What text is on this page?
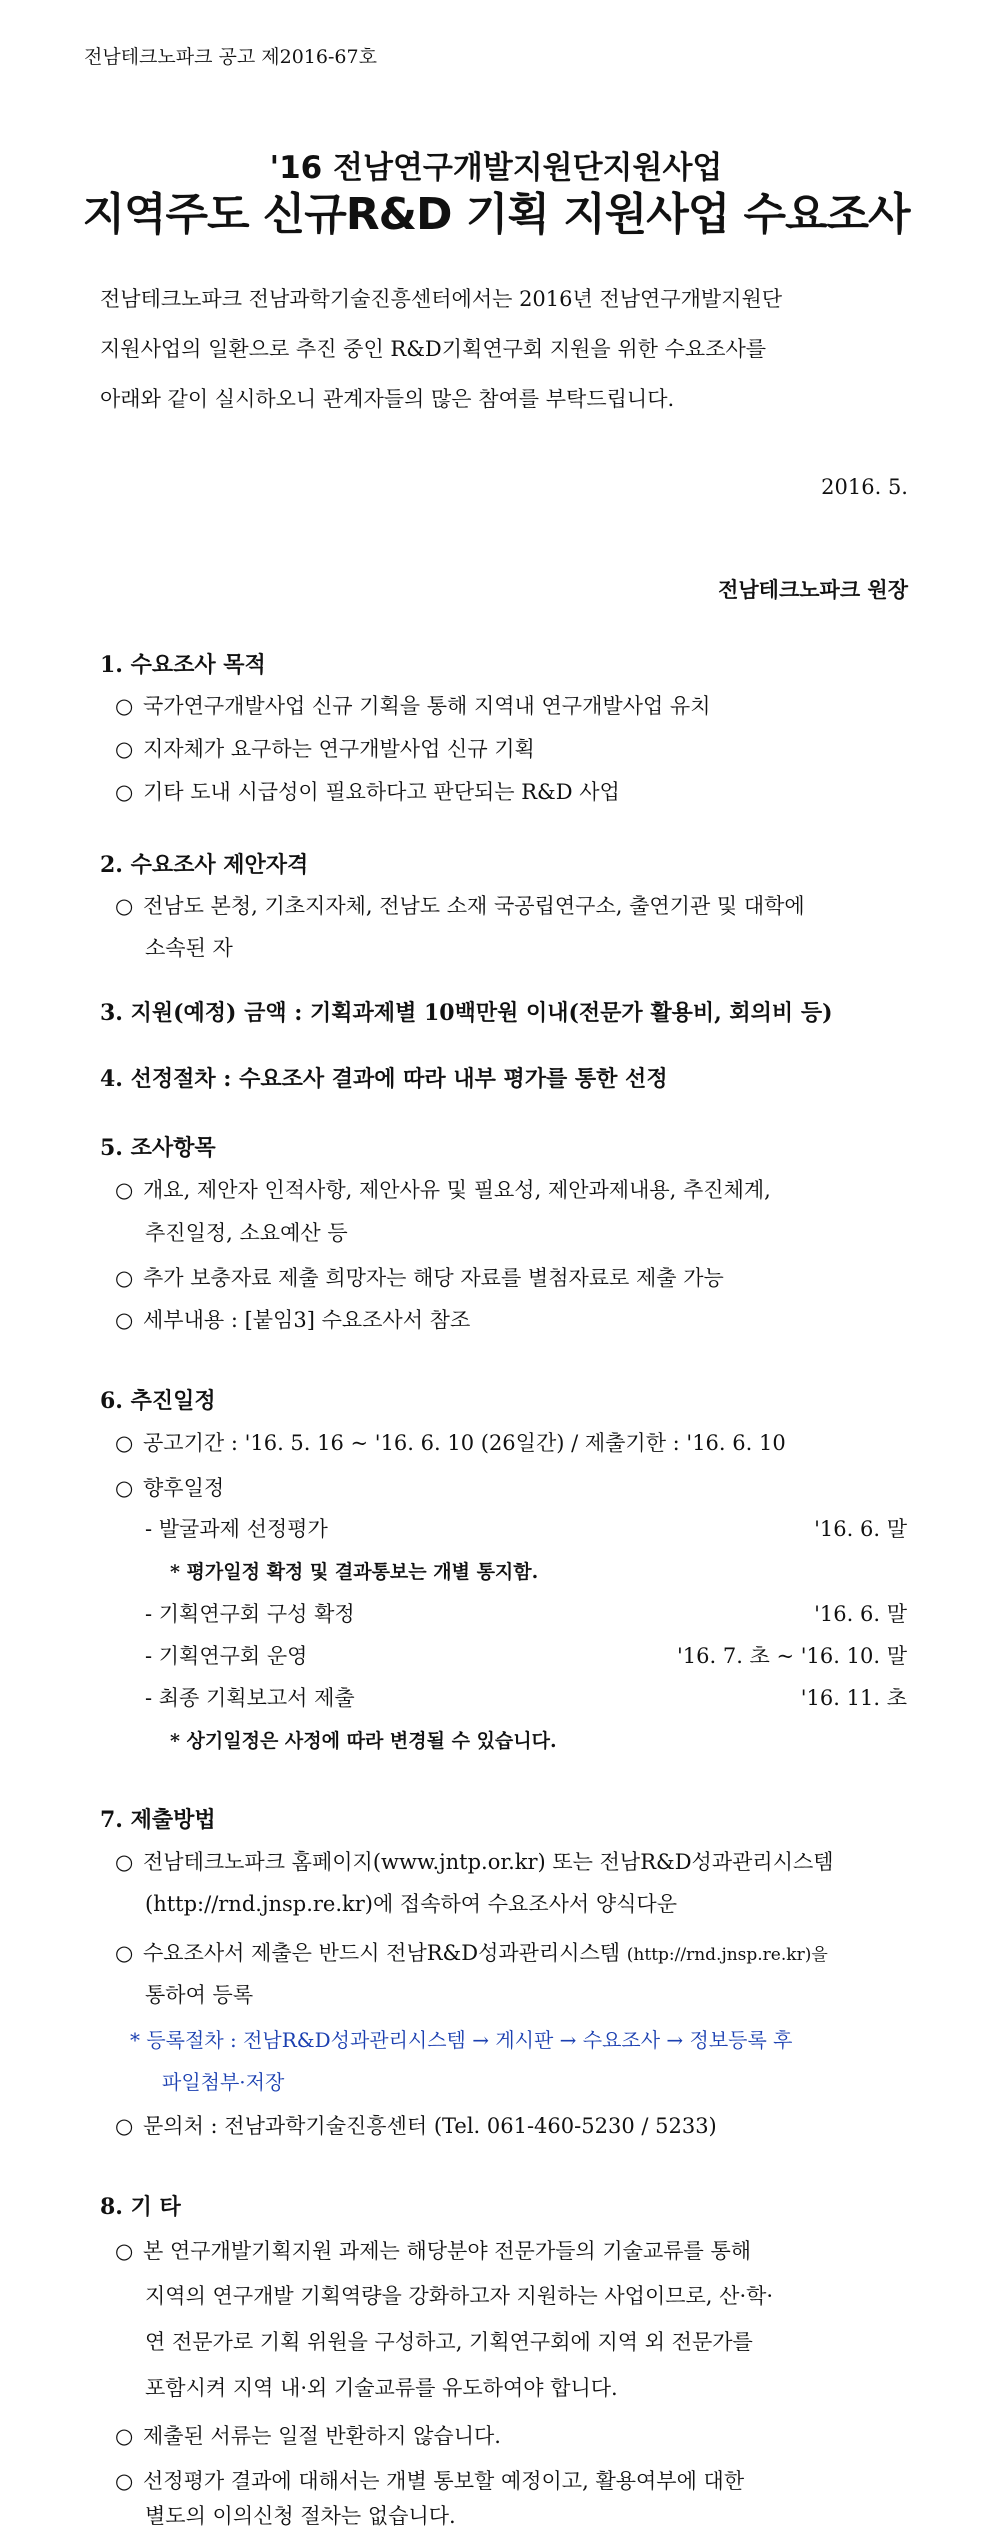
전남테크노파크 공고 제2016-67호
'16 전남연구개발지원단지원사업
지역주도 신규R&D 기획 지원사업 수요조사
전남테크노파크 전남과학기술진흥센터에서는 2016년 전남연구개발지원단
지원사업의 일환으로 추진 중인 R&D기획연구회 지원을 위한 수요조사를
아래와 같이 실시하오니 관계자들의 많은 참여를 부탁드립니다.
2016. 5.
전남테크노파크 원장
1. 수요조사 목적
○ 국가연구개발사업 신규 기획을 통해 지역내 연구개발사업 유치
○ 지자체가 요구하는 연구개발사업 신규 기획
○ 기타 도내 시급성이 필요하다고 판단되는 R&D 사업
2. 수요조사 제안자격
○ 전남도 본청, 기초지자체, 전남도 소재 국공립연구소, 출연기관 및 대학에
소속된 자
3. 지원(예정) 금액 : 기획과제별 10백만원 이내(전문가 활용비, 회의비 등)
4. 선정절차 : 수요조사 결과에 따라 내부 평가를 통한 선정
5. 조사항목
○ 개요, 제안자 인적사항, 제안사유 및 필요성, 제안과제내용, 추진체계,
추진일정, 소요예산 등
○ 추가 보충자료 제출 희망자는 해당 자료를 별첨자료로 제출 가능
○ 세부내용 : [붙임3] 수요조사서 참조
6. 추진일정
○ 공고기간 : '16. 5. 16 ~ '16. 6. 10 (26일간) / 제출기한 : '16. 6. 10
○ 향후일정
- 발굴과제 선정평가	'16. 6. 말
* 평가일정 확정 및 결과통보는 개별 통지함.
- 기획연구회 구성 확정	'16. 6. 말
- 기획연구회 운영	'16. 7. 초 ~ '16. 10. 말
- 최종 기획보고서 제출	'16. 11. 초
* 상기일정은 사정에 따라 변경될 수 있습니다.
7. 제출방법
○ 전남테크노파크 홈페이지(www.jntp.or.kr) 또는 전남R&D성과관리시스템
(http://rnd.jnsp.re.kr)에 접속하여 수요조사서 양식다운
○ 수요조사서 제출은 반드시 전남R&D성과관리시스템 (http://rnd.jnsp.re.kr)을
통하여 등록
* 등록절차 : 전남R&D성과관리시스템 → 게시판 → 수요조사 → 정보등록 후
파일첨부·저장
○ 문의처 : 전남과학기술진흥센터 (Tel. 061-460-5230 / 5233)
8. 기 타
○ 본 연구개발기획지원 과제는 해당분야 전문가들의 기술교류를 통해
지역의 연구개발 기획역량을 강화하고자 지원하는 사업이므로, 산·학·
연 전문가로 기획 위원을 구성하고, 기획연구회에 지역 외 전문가를
포함시켜 지역 내·외 기술교류를 유도하여야 합니다.
○ 제출된 서류는 일절 반환하지 않습니다.
○ 선정평가 결과에 대해서는 개별 통보할 예정이고, 활용여부에 대한
별도의 이의신청 절차는 없습니다.
